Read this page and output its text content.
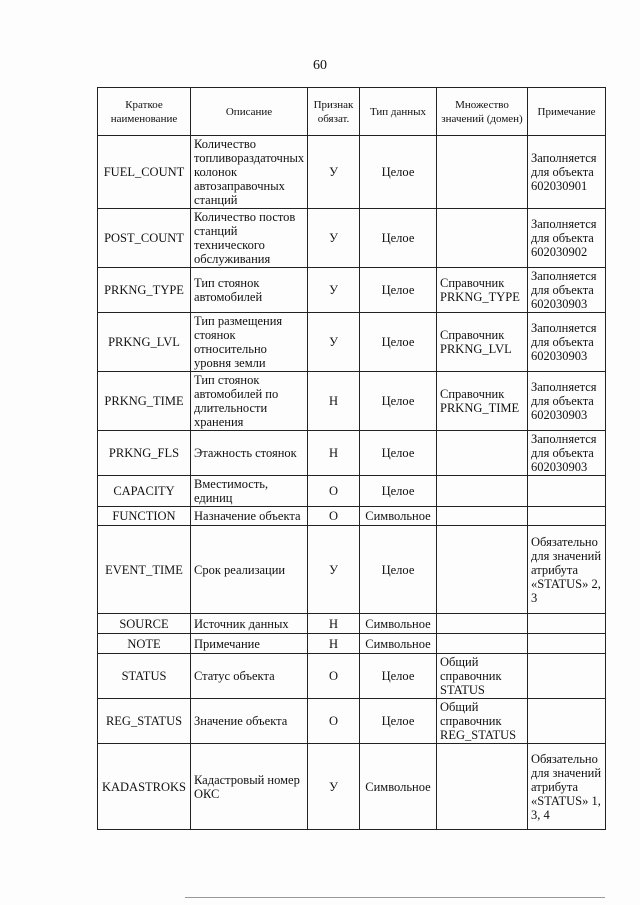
60
Краткое наименование	Описание	Признак обязат.	Тип данных	Множество значений (домен)	Примечание
FUEL_COUNT	Количество топливораздаточных колонок автозаправочных станций	У	Целое		Заполняется для объекта 602030901
POST_COUNT	Количество постов станций технического обслуживания	У	Целое		Заполняется для объекта 602030902
PRKNG_TYPE	Тип стоянок автомобилей	У	Целое	Справочник PRKNG_TYPE	Заполняется для объекта 602030903
PRKNG_LVL	Тип размещения стоянок относительно уровня земли	У	Целое	Справочник PRKNG_LVL	Заполняется для объекта 602030903
PRKNG_TIME	Тип стоянок автомобилей по длительности хранения	Н	Целое	Справочник PRKNG_TIME	Заполняется для объекта 602030903
PRKNG_FLS	Этажность стоянок	Н	Целое		Заполняется для объекта 602030903
CAPACITY	Вместимость, единиц	О	Целое		
FUNCTION	Назначение объекта	О	Символьное		
EVENT_TIME	Срок реализации	У	Целое		Обязательно для значений атрибута «STATUS» 2, 3
SOURCE	Источник данных	Н	Символьное		
NOTE	Примечание	Н	Символьное		
STATUS	Статус объекта	О	Целое	Общий справочник STATUS	
REG_STATUS	Значение объекта	О	Целое	Общий справочник REG_STATUS	
KADASTROKS	Кадастровый номер ОКС	У	Символьное		Обязательно для значений атрибута «STATUS» 1, 3, 4
